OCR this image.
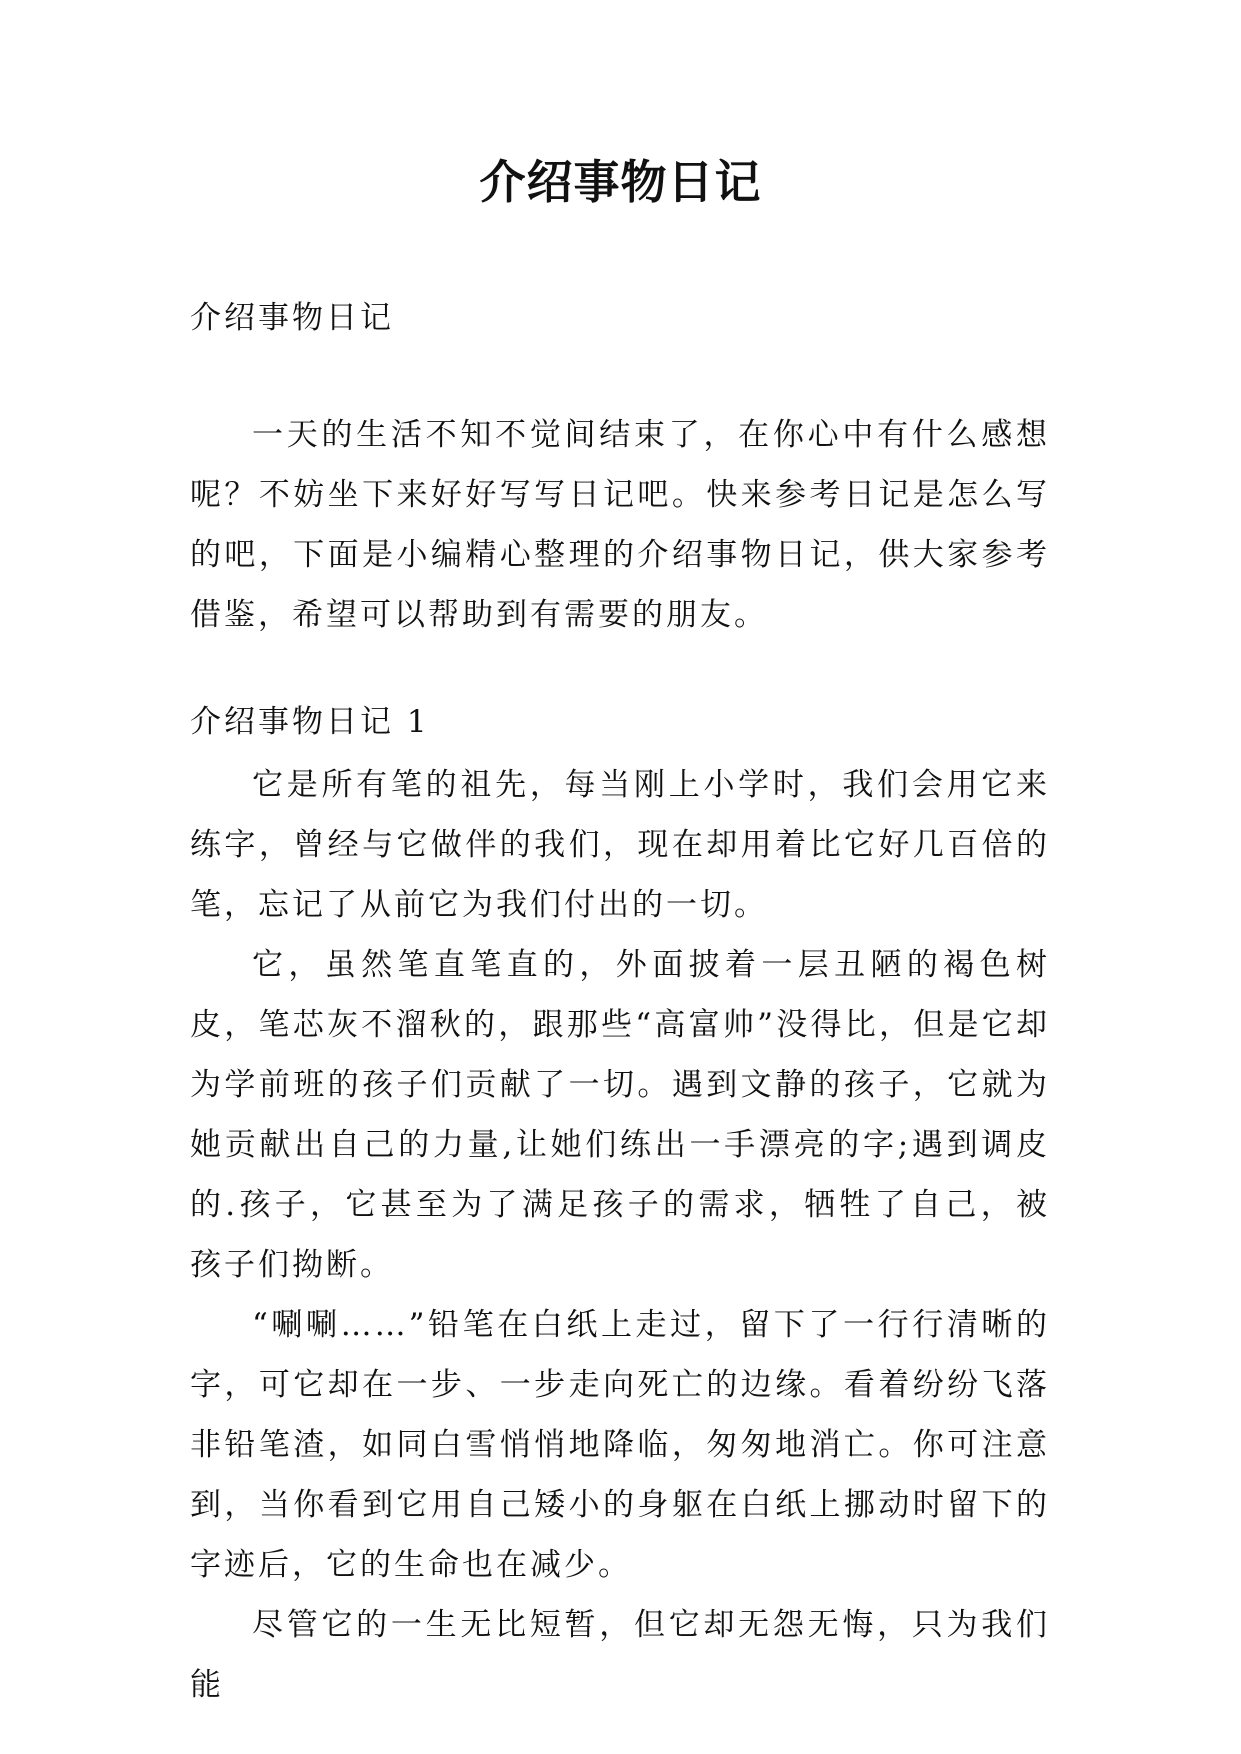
介绍事物日记
介绍事物日记

一天的生活不知不觉间结束了，在你心中有什么感想呢？不妨坐下来好好写写日记吧。快来参考日记是怎么写的吧，下面是小编精心整理的介绍事物日记，供大家参考借鉴，希望可以帮助到有需要的朋友。

介绍事物日记 1

它是所有笔的祖先，每当刚上小学时，我们会用它来练字，曾经与它做伴的我们，现在却用着比它好几百倍的笔，忘记了从前它为我们付出的一切。

它，虽然笔直笔直的，外面披着一层丑陋的褐色树皮，笔芯灰不溜秋的，跟那些“高富帅”没得比，但是它却为学前班的孩子们贡献了一切。遇到文静的孩子，它就为她贡献出自己的力量,让她们练出一手漂亮的字;遇到调皮的.孩子，它甚至为了满足孩子的需求，牺牲了自己，被孩子们拗断。

“唰唰……”铅笔在白纸上走过，留下了一行行清晰的字，可它却在一步、一步走向死亡的边缘。看着纷纷飞落非铅笔渣，如同白雪悄悄地降临，匆匆地消亡。你可注意到，当你看到它用自己矮小的身躯在白纸上挪动时留下的字迹后，它的生命也在减少。

尽管它的一生无比短暂，但它却无怨无悔，只为我们能
